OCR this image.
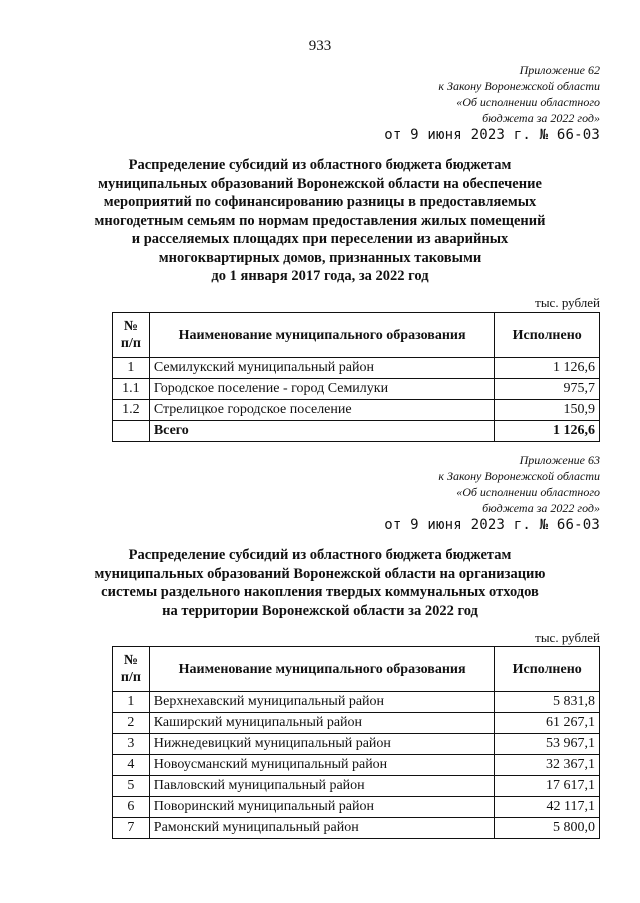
933
Приложение 62
к Закону Воронежской области
«Об исполнении областного
бюджета за 2022 год»
от 9 июня 2023 г. № 66-03
Распределение субсидий из областного бюджета бюджетам
муниципальных образований Воронежской области на обеспечение
мероприятий по софинансированию разницы в предоставляемых
многодетным семьям по нормам предоставления жилых помещений
и расселяемых площадях при переселении из аварийных
многоквартирных домов, признанных таковыми
до 1 января 2017 года, за 2022 год
тыс. рублей
№ п/п	Наименование муниципального образования	Исполнено
1	Семилукский муниципальный район	1 126,6
1.1	Городское поселение - город Семилуки	975,7
1.2	Стрелицкое городское поселение	150,9
	Всего	1 126,6
Приложение 63
к Закону Воронежской области
«Об исполнении областного
бюджета за 2022 год»
от 9 июня 2023 г. № 66-03
Распределение субсидий из областного бюджета бюджетам
муниципальных образований Воронежской области на организацию
системы раздельного накопления твердых коммунальных отходов
на территории Воронежской области за 2022 год
тыс. рублей
№ п/п	Наименование муниципального образования	Исполнено
1	Верхнехавский муниципальный район	5 831,8
2	Каширский муниципальный район	61 267,1
3	Нижнедевицкий муниципальный район	53 967,1
4	Новоусманский муниципальный район	32 367,1
5	Павловский муниципальный район	17 617,1
6	Поворинский муниципальный район	42 117,1
7	Рамонский муниципальный район	5 800,0
